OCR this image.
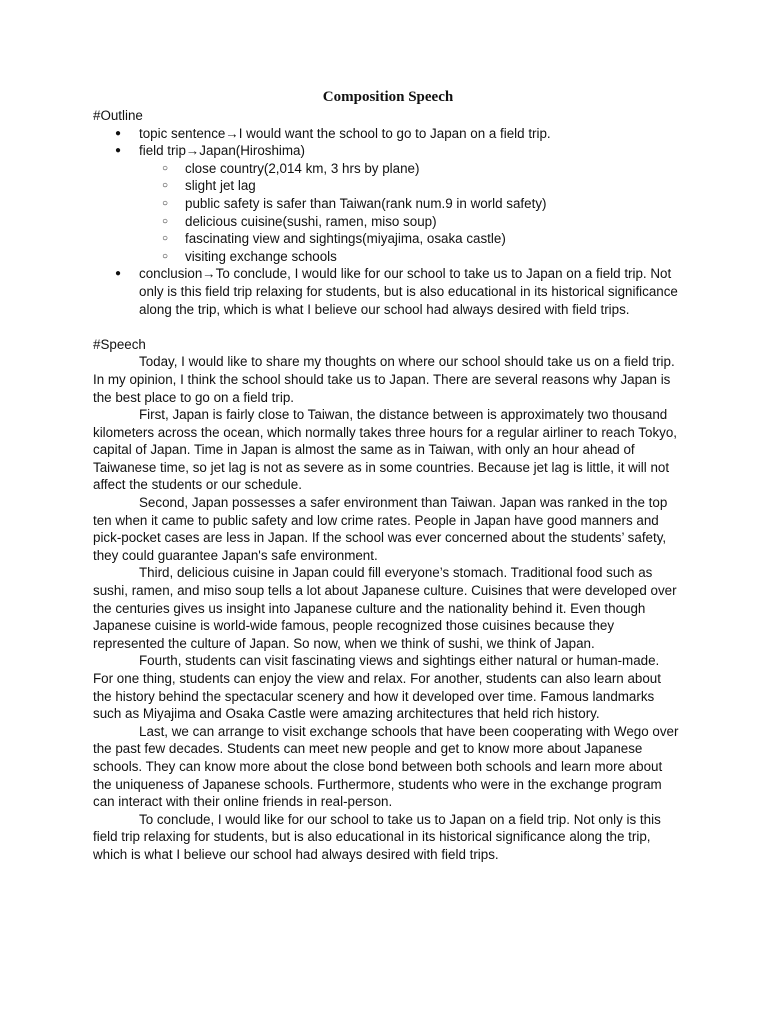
Composition Speech
#Outline
● topic sentence→I would want the school to go to Japan on a field trip.
● field trip→Japan(Hiroshima)
○ close country(2,014 km, 3 hrs by plane)
○ slight jet lag
○ public safety is safer than Taiwan(rank num.9 in world safety)
○ delicious cuisine(sushi, ramen, miso soup)
○ fascinating view and sightings(miyajima, osaka castle)
○ visiting exchange schools
● conclusion→To conclude, I would like for our school to take us to Japan on a field trip. Not only is this field trip relaxing for students, but is also educational in its historical significance along the trip, which is what I believe our school had always desired with field trips.
#Speech

Today, I would like to share my thoughts on where our school should take us on a field trip. In my opinion, I think the school should take us to Japan. There are several reasons why Japan is the best place to go on a field trip.

First, Japan is fairly close to Taiwan, the distance between is approximately two thousand kilometers across the ocean, which normally takes three hours for a regular airliner to reach Tokyo, capital of Japan. Time in Japan is almost the same as in Taiwan, with only an hour ahead of Taiwanese time, so jet lag is not as severe as in some countries. Because jet lag is little, it will not affect the students or our schedule.

Second, Japan possesses a safer environment than Taiwan. Japan was ranked in the top ten when it came to public safety and low crime rates. People in Japan have good manners and pick-pocket cases are less in Japan. If the school was ever concerned about the students’ safety, they could guarantee Japan's safe environment.

Third, delicious cuisine in Japan could fill everyone’s stomach. Traditional food such as sushi, ramen, and miso soup tells a lot about Japanese culture. Cuisines that were developed over the centuries gives us insight into Japanese culture and the nationality behind it. Even though Japanese cuisine is world-wide famous, people recognized those cuisines because they represented the culture of Japan. So now, when we think of sushi, we think of Japan.

Fourth, students can visit fascinating views and sightings either natural or human-made. For one thing, students can enjoy the view and relax. For another, students can also learn about the history behind the spectacular scenery and how it developed over time. Famous landmarks such as Miyajima and Osaka Castle were amazing architectures that held rich history.

Last, we can arrange to visit exchange schools that have been cooperating with Wego over the past few decades. Students can meet new people and get to know more about Japanese schools. They can know more about the close bond between both schools and learn more about the uniqueness of Japanese schools. Furthermore, students who were in the exchange program can interact with their online friends in real-person.

To conclude, I would like for our school to take us to Japan on a field trip. Not only is this field trip relaxing for students, but is also educational in its historical significance along the trip, which is what I believe our school had always desired with field trips.
